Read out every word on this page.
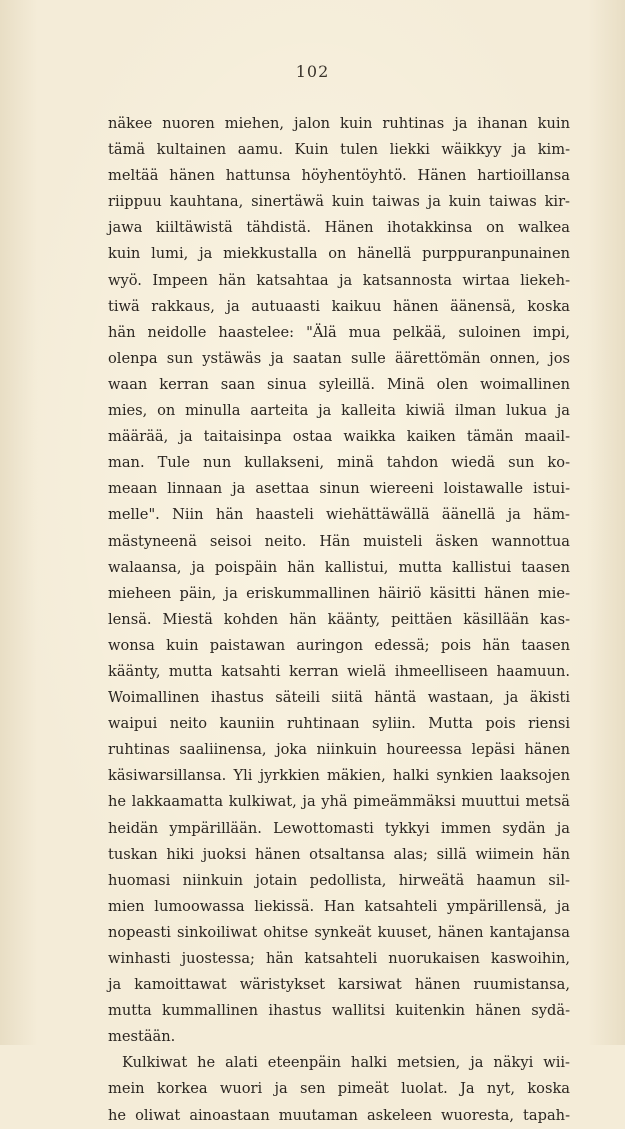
102
näkee nuoren miehen, jalon kuin ruhtinas ja ihanan kuin
tämä kultainen aamu. Kuin tulen liekki wäikkyy ja kim-
meltää hänen hattunsa höyhentöyhtö. Hänen hartioillansa
riippuu kauhtana, sinertäwä kuin taiwas ja kuin taiwas kir-
jawa kiiltäwistä tähdistä. Hänen ihotakkinsa on walkea
kuin lumi, ja miekkustalla on hänellä purppuranpunainen
wyö. Impeen hän katsahtaa ja katsannosta wirtaa liekeh-
tiwä rakkaus, ja autuaasti kaikuu hänen äänensä, koska
hän neidolle haastelee: "Älä mua pelkää, suloinen impi,
olenpa sun ystäwäs ja saatan sulle äärettömän onnen, jos
waan kerran saan sinua syleillä. Minä olen woimallinen
mies, on minulla aarteita ja kalleita kiwiä ilman lukua ja
määrää, ja taitaisinpa ostaa waikka kaiken tämän maail-
man. Tule nun kullakseni, minä tahdon wiedä sun ko-
meaan linnaan ja asettaa sinun wiereeni loistawalle istui-
melle". Niin hän haasteli wiehättäwällä äänellä ja häm-
mästyneenä seisoi neito. Hän muisteli äsken wannottua
walaansa, ja poispäin hän kallistui, mutta kallistui taasen
mieheen päin, ja eriskummallinen häiriö käsitti hänen mie-
lensä. Miestä kohden hän käänty, peittäen käsillään kas-
wonsa kuin paistawan auringon edessä; pois hän taasen
käänty, mutta katsahti kerran wielä ihmeelliseen haamuun.
Woimallinen ihastus säteili siitä häntä wastaan, ja äkisti
waipui neito kauniin ruhtinaan syliin. Mutta pois riensi
ruhtinas saaliinensa, joka niinkuin houreessa lepäsi hänen
käsiwarsillansa. Yli jyrkkien mäkien, halki synkien laaksojen
he lakkaamatta kulkiwat, ja yhä pimeämmäksi muuttui metsä
heidän ympärillään. Lewottomasti tykkyi immen sydän ja
tuskan hiki juoksi hänen otsaltansa alas; sillä wiimein hän
huomasi niinkuin jotain pedollista, hirweätä haamun sil-
mien lumoowassa liekissä. Han katsahteli ympärillensä, ja
nopeasti sinkoiliwat ohitse synkeät kuuset, hänen kantajansa
winhasti juostessa; hän katsahteli nuorukaisen kaswoihin,
ja kamoittawat wäristykset karsiwat hänen ruumistansa,
mutta kummallinen ihastus wallitsi kuitenkin hänen sydä-
mestään.
Kulkiwat he alati eteenpäin halki metsien, ja näkyi wii-
mein korkea wuori ja sen pimeät luolat. Ja nyt, koska
he oliwat ainoastaan muutaman askeleen wuoresta, tapah-
